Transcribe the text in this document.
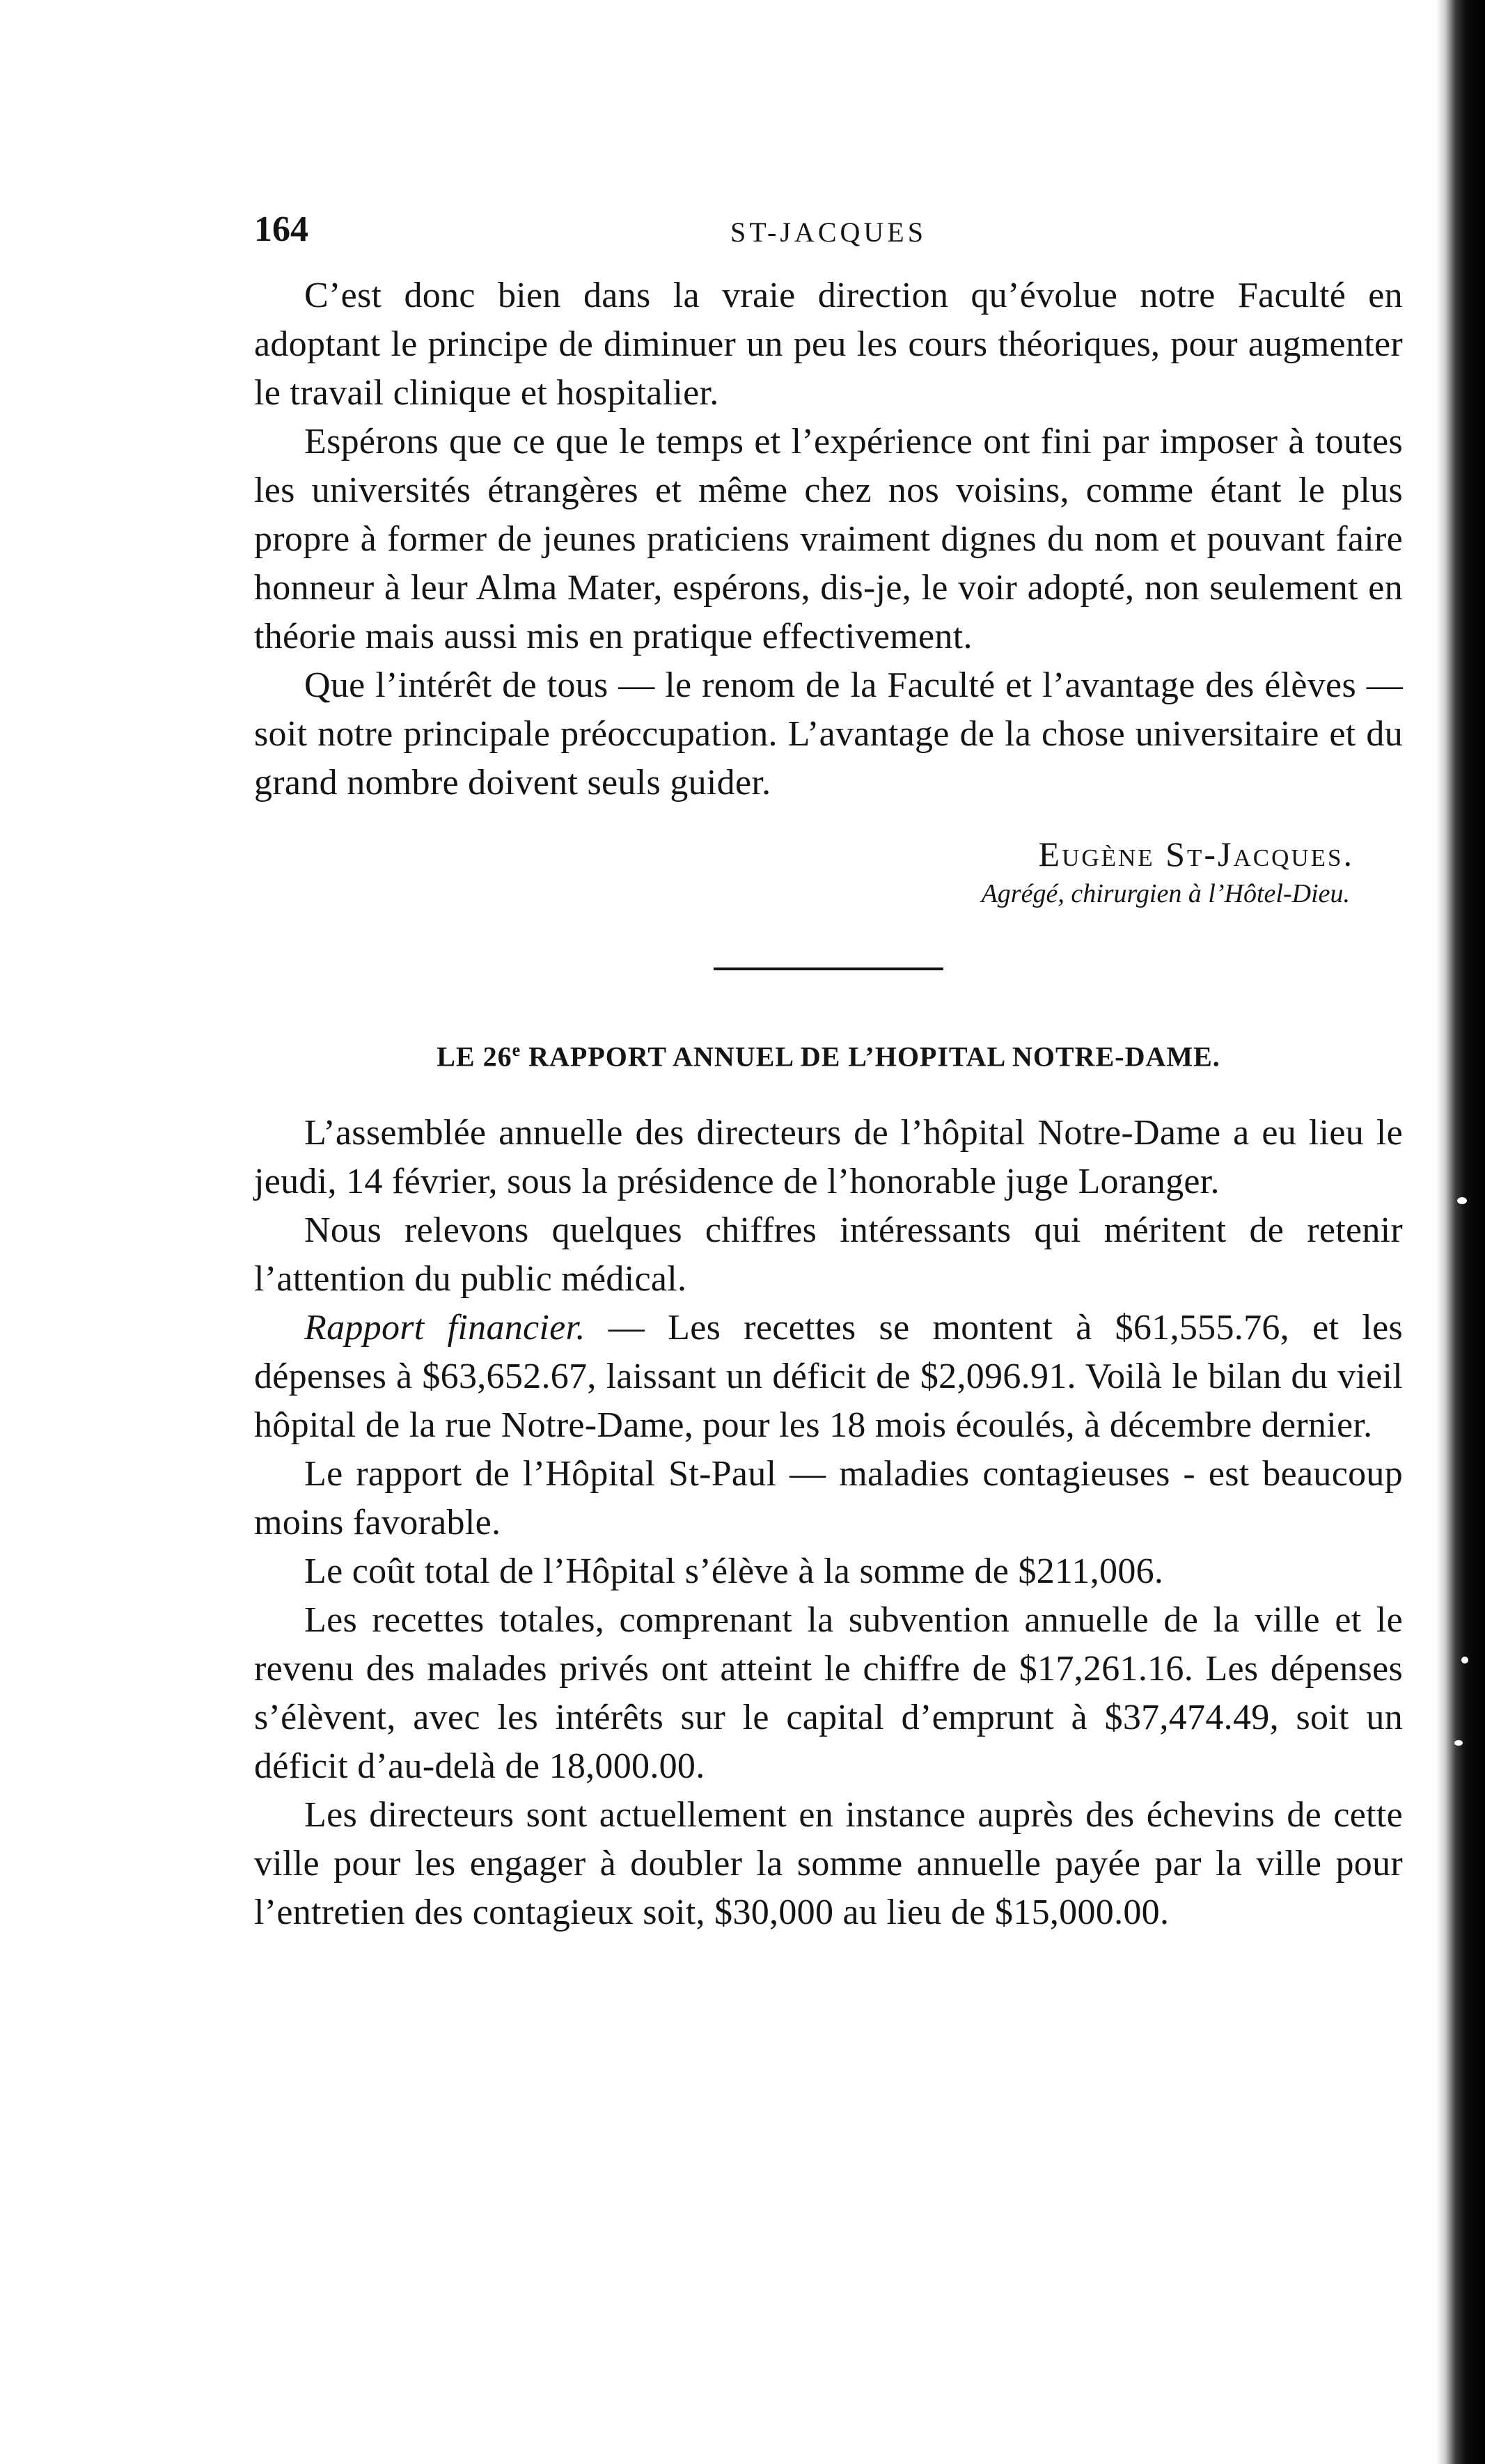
164	ST-JACQUES

C’est donc bien dans la vraie direction qu’évolue notre Faculté en adoptant le principe de diminuer un peu les cours théoriques, pour augmenter le travail clinique et hospitalier.

Espérons que ce que le temps et l’expérience ont fini par imposer à toutes les universités étrangères et même chez nos voisins, comme étant le plus propre à former de jeunes praticiens vraiment dignes du nom et pouvant faire honneur à leur Alma Mater, espérons, dis-je, le voir adopté, non seulement en théorie mais aussi mis en pratique effectivement.

Que l’intérêt de tous — le renom de la Faculté et l’avantage des élèves — soit notre principale préoccupation. L’avantage de la chose universitaire et du grand nombre doivent seuls guider.

Eugène St-Jacques.
Agrégé, chirurgien à l’Hôtel-Dieu.
LE 26e RAPPORT ANNUEL DE L’HOPITAL NOTRE-DAME.

L’assemblée annuelle des directeurs de l’hôpital Notre-Dame a eu lieu le jeudi, 14 février, sous la présidence de l’honorable juge Loranger.

Nous relevons quelques chiffres intéressants qui méritent de retenir l’attention du public médical.

Rapport financier. — Les recettes se montent à $61,555.76, et les dépenses à $63,652.67, laissant un déficit de $2,096.91. Voilà le bilan du vieil hôpital de la rue Notre-Dame, pour les 18 mois écoulés, à décembre dernier.

Le rapport de l’Hôpital St-Paul — maladies contagieuses - est beaucoup moins favorable.

Le coût total de l’Hôpital s’élève à la somme de $211,006.

Les recettes totales, comprenant la subvention annuelle de la ville et le revenu des malades privés ont atteint le chiffre de $17,261.16. Les dépenses s’élèvent, avec les intérêts sur le capital d’emprunt à $37,474.49, soit un déficit d’au-delà de 18,000.00.

Les directeurs sont actuellement en instance auprès des échevins de cette ville pour les engager à doubler la somme annuelle payée par la ville pour l’entretien des contagieux soit, $30,000 au lieu de $15,000.00.
